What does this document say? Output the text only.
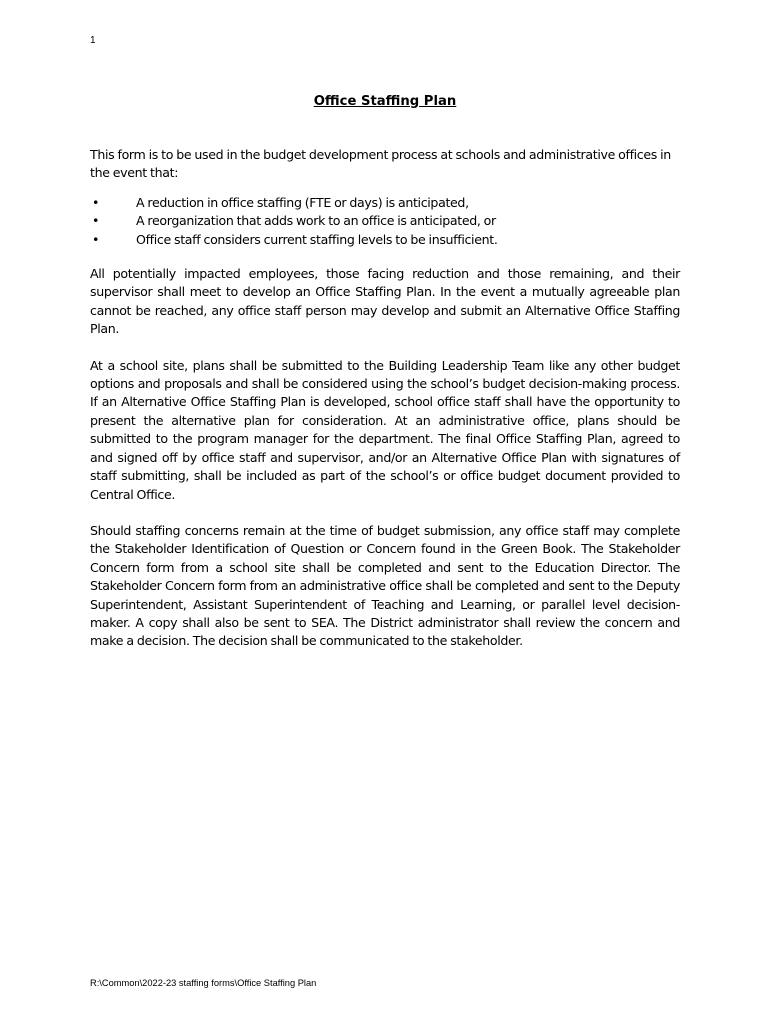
1
Office Staffing Plan

This form is to be used in the budget development process at schools and administrative offices in the event that:

•	A reduction in office staffing (FTE or days) is anticipated,
•	A reorganization that adds work to an office is anticipated, or
•	Office staff considers current staffing levels to be insufficient.

All potentially impacted employees, those facing reduction and those remaining, and their supervisor shall meet to develop an Office Staffing Plan. In the event a mutually agreeable plan cannot be reached, any office staff person may develop and submit an Alternative Office Staffing Plan.

At a school site, plans shall be submitted to the Building Leadership Team like any other budget options and proposals and shall be considered using the school’s budget decision-making process. If an Alternative Office Staffing Plan is developed, school office staff shall have the opportunity to present the alternative plan for consideration. At an administrative office, plans should be submitted to the program manager for the department. The final Office Staffing Plan, agreed to and signed off by office staff and supervisor, and/or an Alternative Office Plan with signatures of staff submitting, shall be included as part of the school’s or office budget document provided to Central Office.

Should staffing concerns remain at the time of budget submission, any office staff may complete the Stakeholder Identification of Question or Concern found in the Green Book. The Stakeholder Concern form from a school site shall be completed and sent to the Education Director. The Stakeholder Concern form from an administrative office shall be completed and sent to the Deputy Superintendent, Assistant Superintendent of Teaching and Learning, or parallel level decision-maker. A copy shall also be sent to SEA. The District administrator shall review the concern and make a decision. The decision shall be communicated to the stakeholder.

R:\Common\2022-23 staffing forms\Office Staffing Plan
